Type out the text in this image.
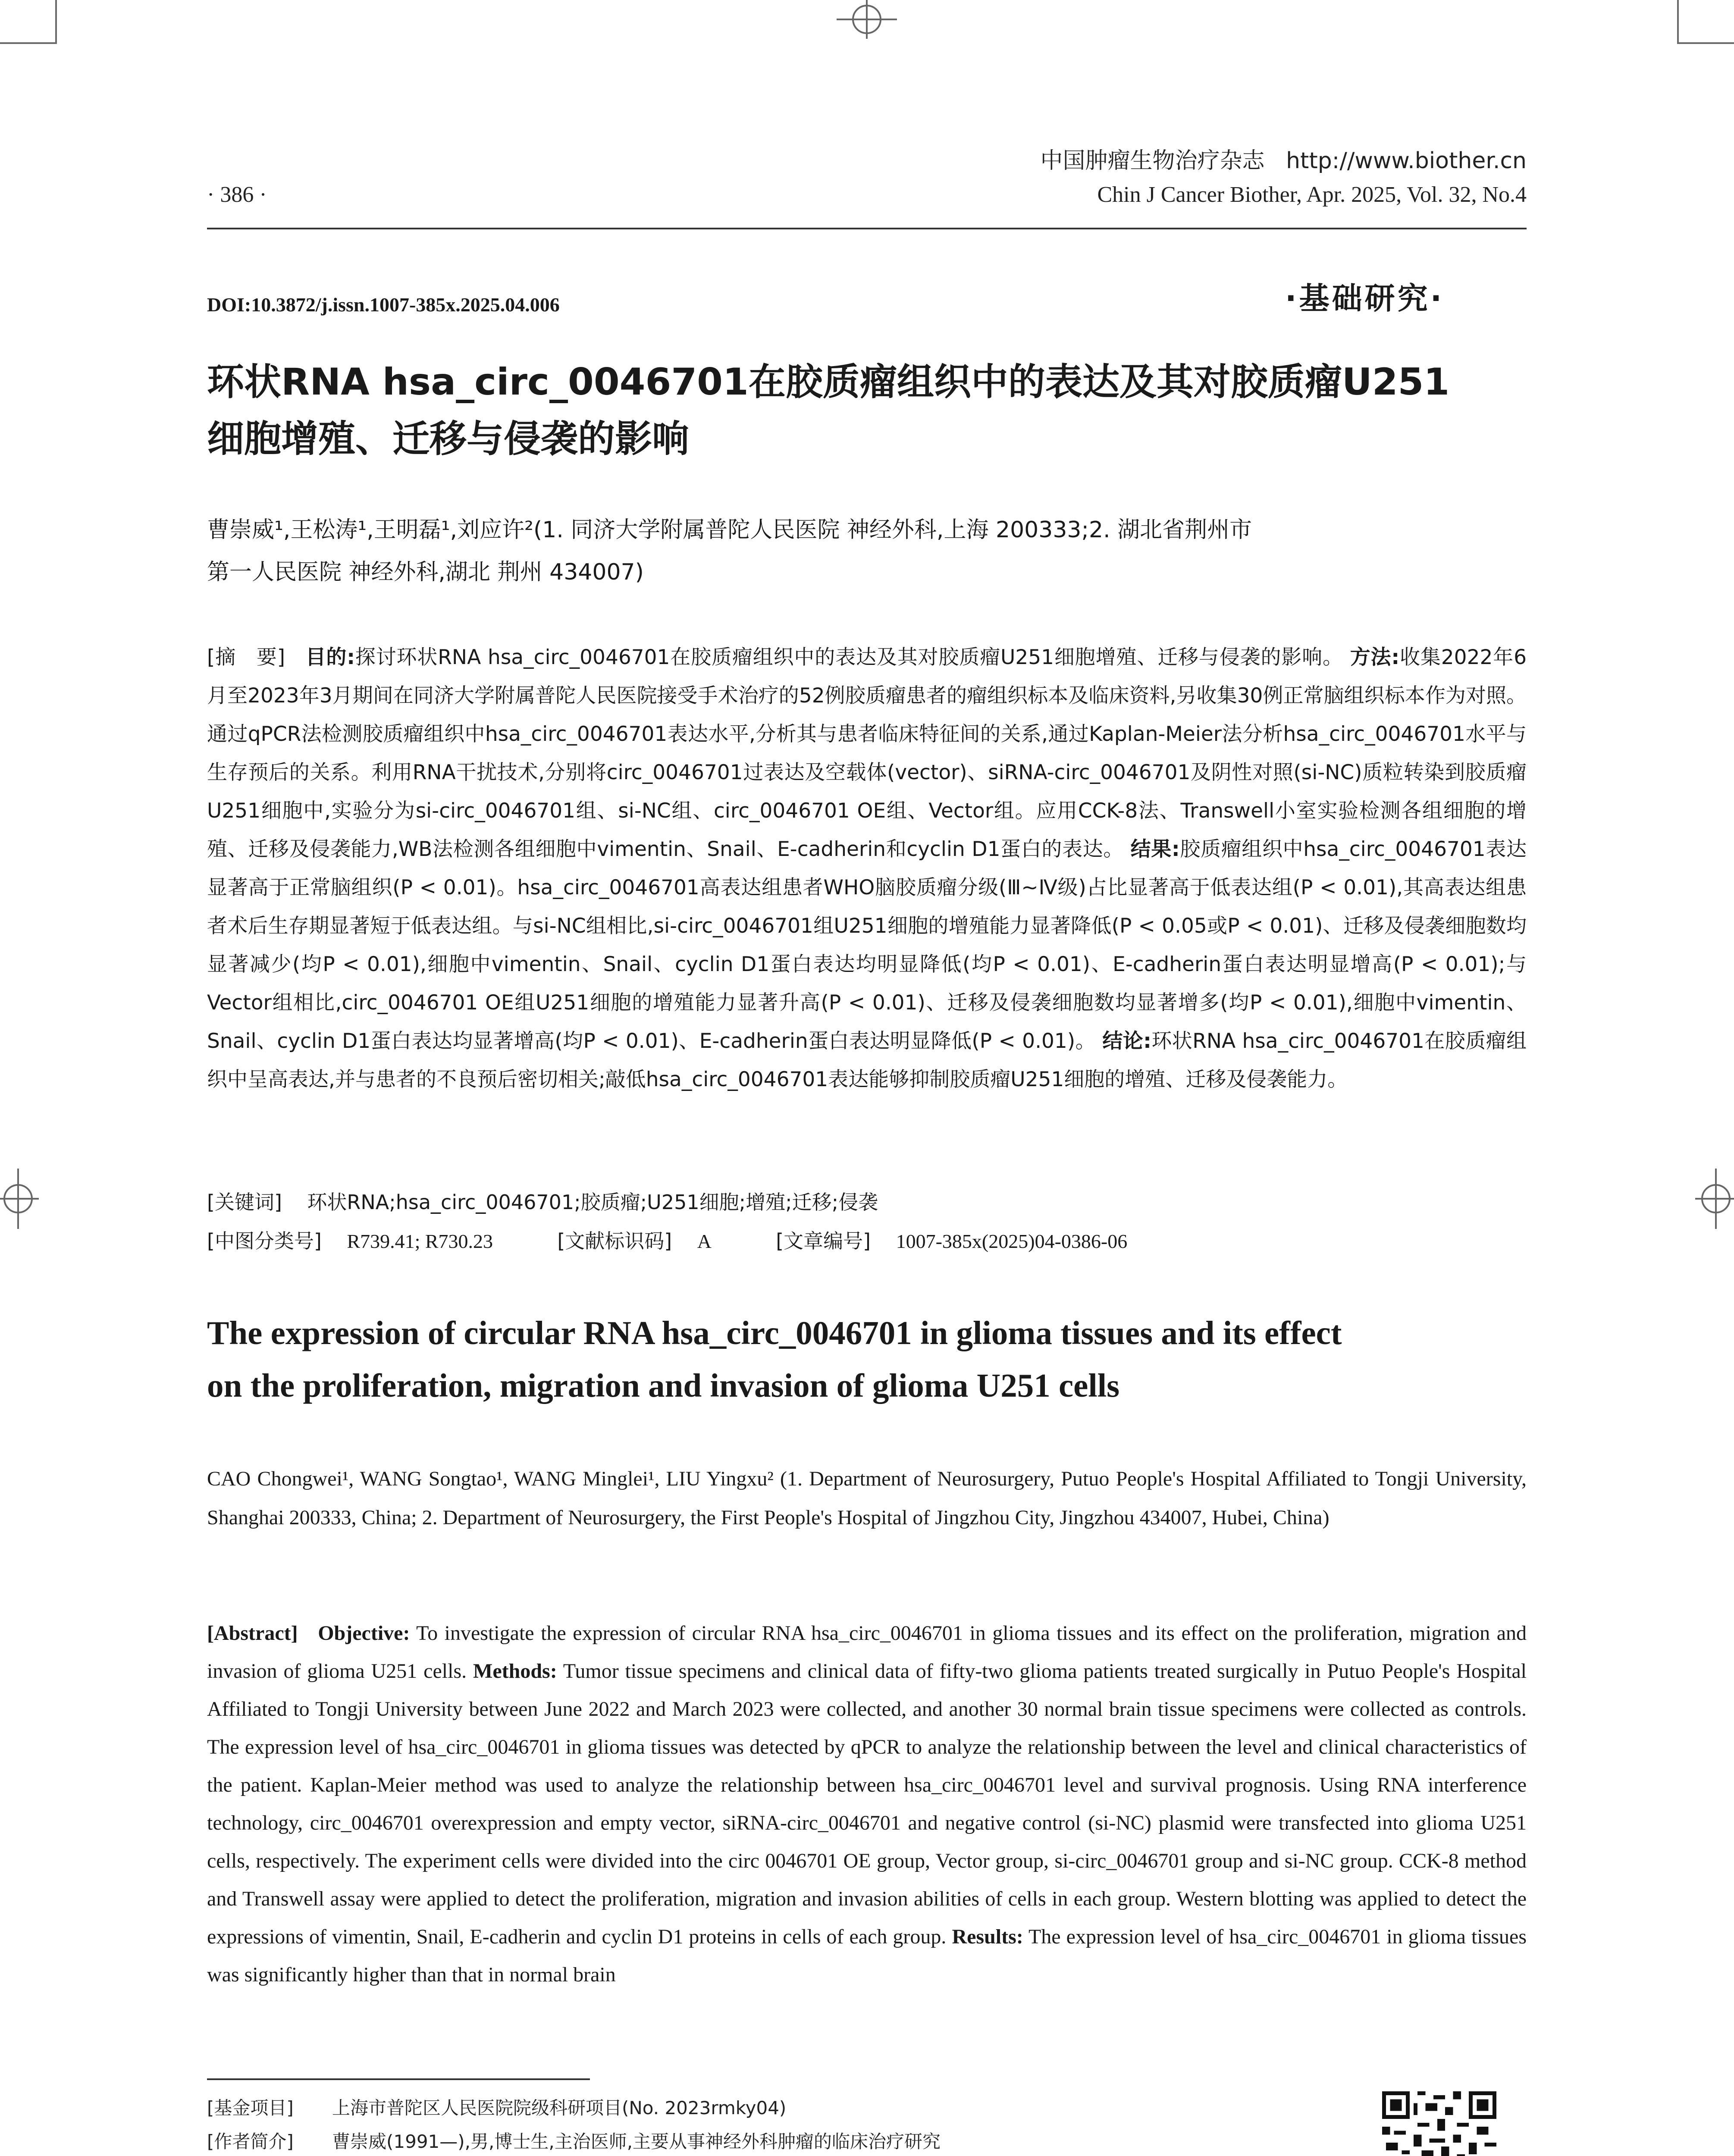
中国肿瘤生物治疗杂志 http://www.biother.cn
· 386 ·	Chin J Cancer Biother, Apr. 2025, Vol. 32, No.4
DOI:10.3872/j.issn.1007-385x.2025.04.006	·基础研究·
环状RNA hsa_circ_0046701在胶质瘤组织中的表达及其对胶质瘤U251
细胞增殖、迁移与侵袭的影响
曹崇威¹,王松涛¹,王明磊¹,刘应许²(1. 同济大学附属普陀人民医院 神经外科,上海 200333;2. 湖北省荆州市
第一人民医院 神经外科,湖北 荆州 434007)
[摘　要] 目的:探讨环状RNA hsa_circ_0046701在胶质瘤组织中的表达及其对胶质瘤U251细胞增殖、迁移与侵袭的影响。 方法:收集2022年6月至2023年3月期间在同济大学附属普陀人民医院接受手术治疗的52例胶质瘤患者的瘤组织标本及临床资料,另收集30例正常脑组织标本作为对照。通过qPCR法检测胶质瘤组织中hsa_circ_0046701表达水平,分析其与患者临床特征间的关系,通过Kaplan-Meier法分析hsa_circ_0046701水平与生存预后的关系。利用RNA干扰技术,分别将circ_0046701过表达及空载体(vector)、siRNA-circ_0046701及阴性对照(si-NC)质粒转染到胶质瘤U251细胞中,实验分为si-circ_0046701组、si-NC组、circ_0046701 OE组、Vector组。应用CCK-8法、Transwell小室实验检测各组细胞的增殖、迁移及侵袭能力,WB法检测各组细胞中vimentin、Snail、E-cadherin和cyclin D1蛋白的表达。 结果:胶质瘤组织中hsa_circ_0046701表达显著高于正常脑组织(P < 0.01)。hsa_circ_0046701高表达组患者WHO脑胶质瘤分级(Ⅲ~Ⅳ级)占比显著高于低表达组(P < 0.01),其高表达组患者术后生存期显著短于低表达组。与si-NC组相比,si-circ_0046701组U251细胞的增殖能力显著降低(P < 0.05或P < 0.01)、迁移及侵袭细胞数均显著减少(均P < 0.01),细胞中vimentin、Snail、cyclin D1蛋白表达均明显降低(均P < 0.01)、E-cadherin蛋白表达明显增高(P < 0.01);与Vector组相比,circ_0046701 OE组U251细胞的增殖能力显著升高(P < 0.01)、迁移及侵袭细胞数均显著增多(均P < 0.01),细胞中vimentin、Snail、cyclin D1蛋白表达均显著增高(均P < 0.01)、E-cadherin蛋白表达明显降低(P < 0.01)。 结论:环状RNA hsa_circ_0046701在胶质瘤组织中呈高表达,并与患者的不良预后密切相关;敲低hsa_circ_0046701表达能够抑制胶质瘤U251细胞的增殖、迁移及侵袭能力。
[关键词] 环状RNA;hsa_circ_0046701;胶质瘤;U251细胞;增殖;迁移;侵袭
[中图分类号] R739.41; R730.23	[文献标识码] A	[文章编号] 1007-385x(2025)04-0386-06
The expression of circular RNA hsa_circ_0046701 in glioma tissues and its effect
on the proliferation, migration and invasion of glioma U251 cells
CAO Chongwei¹, WANG Songtao¹, WANG Minglei¹, LIU Yingxu² (1. Department of Neurosurgery, Putuo People's Hospital Affiliated to Tongji University, Shanghai 200333, China; 2. Department of Neurosurgery, the First People's Hospital of Jingzhou City, Jingzhou 434007, Hubei, China)
[Abstract] Objective: To investigate the expression of circular RNA hsa_circ_0046701 in glioma tissues and its effect on the proliferation, migration and invasion of glioma U251 cells. Methods: Tumor tissue specimens and clinical data of fifty-two glioma patients treated surgically in Putuo People's Hospital Affiliated to Tongji University between June 2022 and March 2023 were collected, and another 30 normal brain tissue specimens were collected as controls. The expression level of hsa_circ_0046701 in glioma tissues was detected by qPCR to analyze the relationship between the level and clinical characteristics of the patient. Kaplan-Meier method was used to analyze the relationship between hsa_circ_0046701 level and survival prognosis. Using RNA interference technology, circ_0046701 overexpression and empty vector, siRNA-circ_0046701 and negative control (si-NC) plasmid were transfected into glioma U251 cells, respectively. The experiment cells were divided into the circ 0046701 OE group, Vector group, si-circ_0046701 group and si-NC group. CCK-8 method and Transwell assay were applied to detect the proliferation, migration and invasion abilities of cells in each group. Western blotting was applied to detect the expressions of vimentin, Snail, E-cadherin and cyclin D1 proteins in cells of each group. Results: The expression level of hsa_circ_0046701 in glioma tissues was significantly higher than that in normal brain
[基金项目] 上海市普陀区人民医院院级科研项目(No. 2023rmky04)
[作者简介] 曹崇威(1991—),男,博士生,主治医师,主要从事神经外科肿瘤的临床治疗研究
